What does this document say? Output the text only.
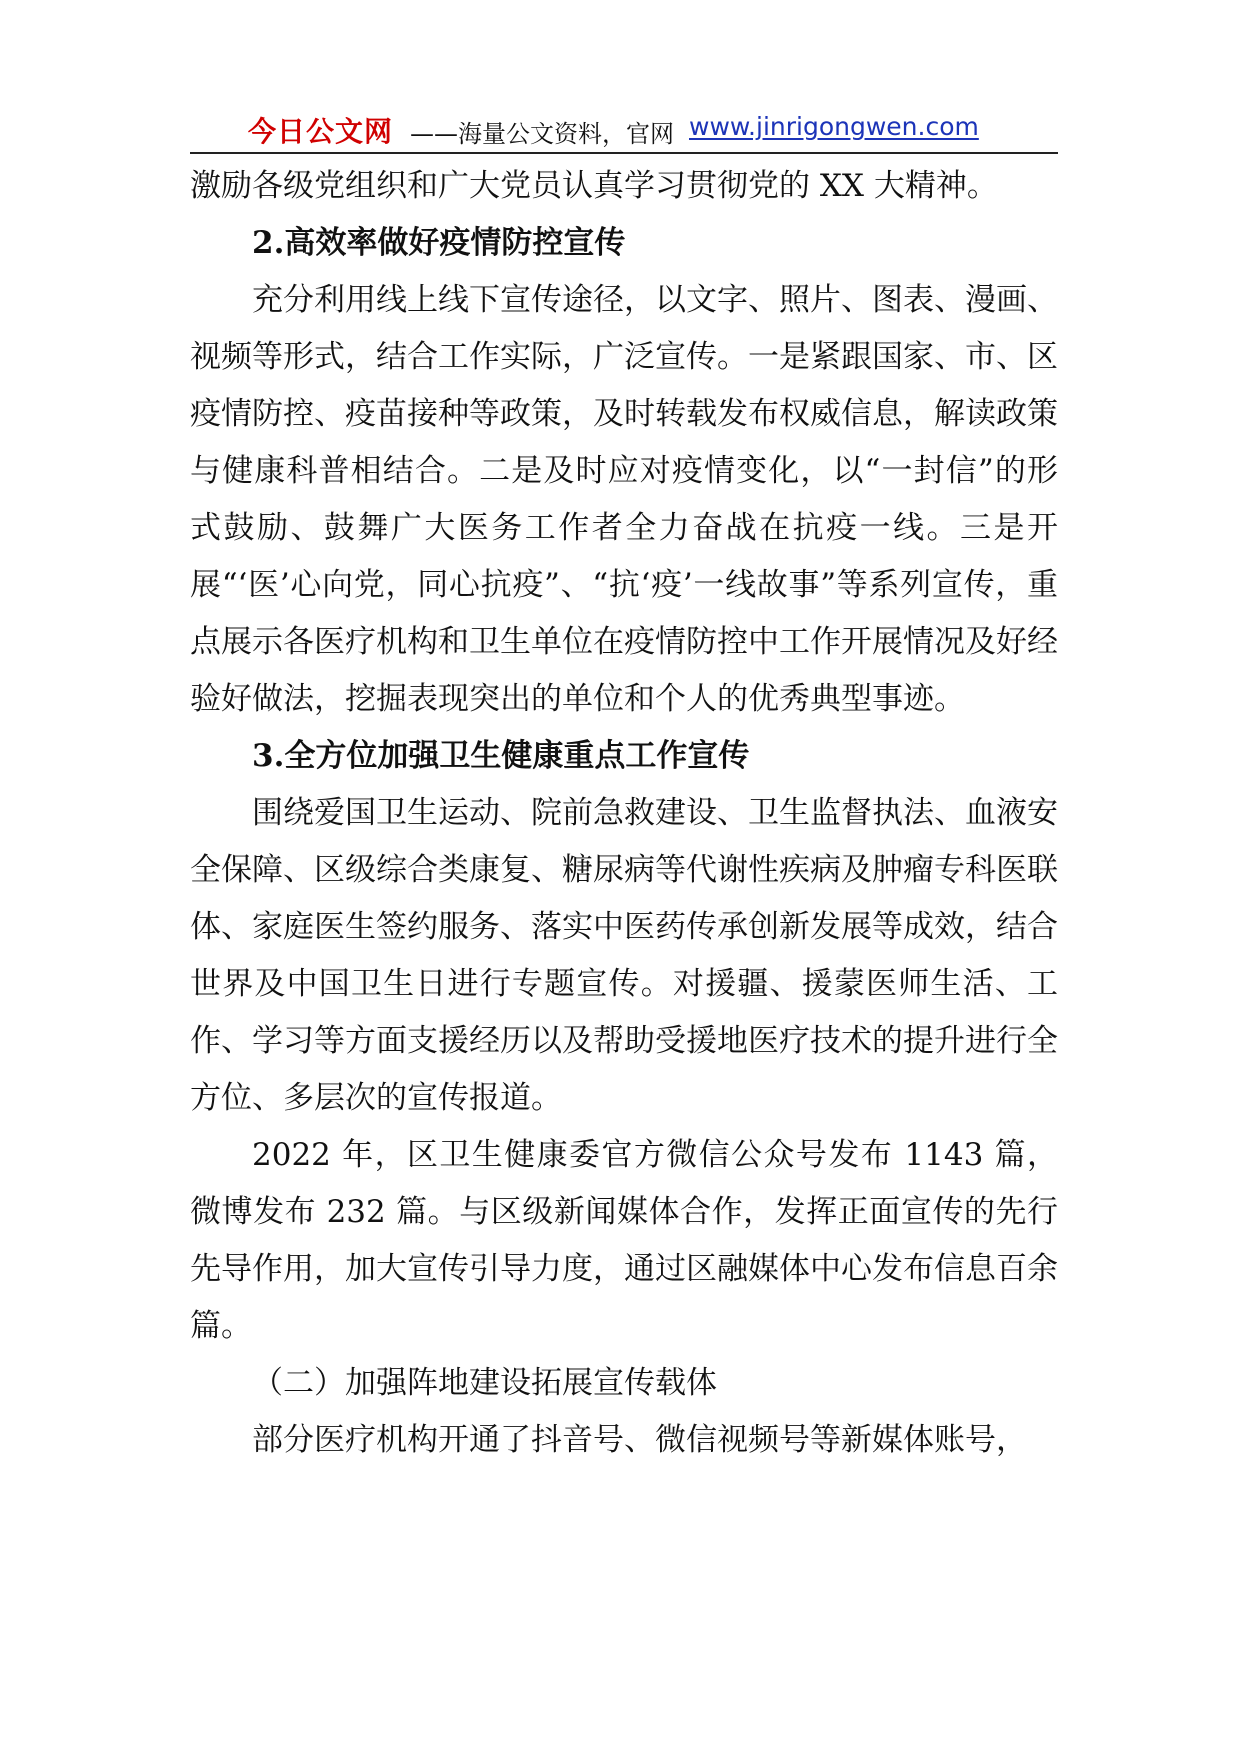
今日公文网 ——海量公文资料，官网 www.jinrigongwen.com

激励各级党组织和广大党员认真学习贯彻党的 XX 大精神。

2.高效率做好疫情防控宣传

充分利用线上线下宣传途径，以文字、照片、图表、漫画、视频等形式，结合工作实际，广泛宣传。一是紧跟国家、市、区疫情防控、疫苗接种等政策，及时转载发布权威信息，解读政策与健康科普相结合。二是及时应对疫情变化，以“一封信”的形式鼓励、鼓舞广大医务工作者全力奋战在抗疫一线。三是开展“‘医’心向党，同心抗疫”、“抗‘疫’一线故事”等系列宣传，重点展示各医疗机构和卫生单位在疫情防控中工作开展情况及好经验好做法，挖掘表现突出的单位和个人的优秀典型事迹。

3.全方位加强卫生健康重点工作宣传

围绕爱国卫生运动、院前急救建设、卫生监督执法、血液安全保障、区级综合类康复、糖尿病等代谢性疾病及肿瘤专科医联体、家庭医生签约服务、落实中医药传承创新发展等成效，结合世界及中国卫生日进行专题宣传。对援疆、援蒙医师生活、工作、学习等方面支援经历以及帮助受援地医疗技术的提升进行全方位、多层次的宣传报道。

2022 年，区卫生健康委官方微信公众号发布 1143 篇，微博发布 232 篇。与区级新闻媒体合作，发挥正面宣传的先行先导作用，加大宣传引导力度，通过区融媒体中心发布信息百余篇。

（二）加强阵地建设拓展宣传载体

部分医疗机构开通了抖音号、微信视频号等新媒体账号，
